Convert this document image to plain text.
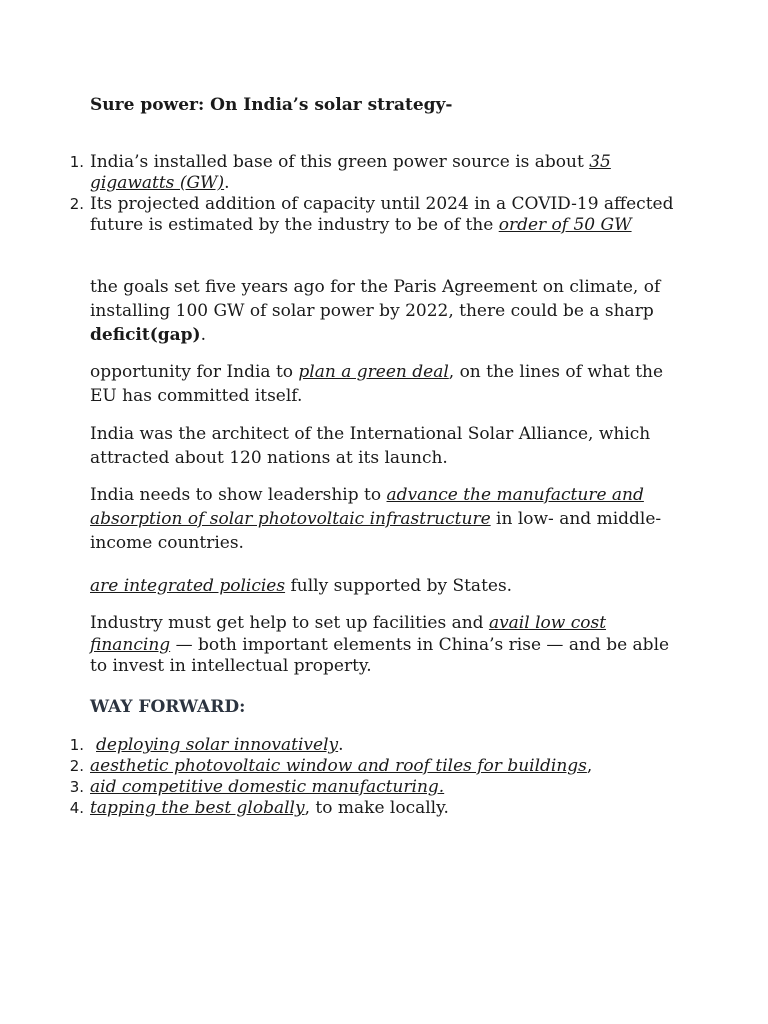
Sure power: On India’s solar strategy-
1. India’s installed base of this green power source is about 35 gigawatts (GW).
2. Its projected addition of capacity until 2024 in a COVID-19 affected future is estimated by the industry to be of the order of 50 GW

the goals set five years ago for the Paris Agreement on climate, of installing 100 GW of solar power by 2022, there could be a sharp deficit(gap).

opportunity for India to plan a green deal, on the lines of what the EU has committed itself.

India was the architect of the International Solar Alliance, which attracted about 120 nations at its launch.

India needs to show leadership to advance the manufacture and absorption of solar photovoltaic infrastructure in low- and middle-income countries.

are integrated policies fully supported by States.

Industry must get help to set up facilities and avail low cost financing — both important elements in China’s rise — and be able to invest in intellectual property.

WAY FORWARD:
1. deploying solar innovatively.
2. aesthetic photovoltaic window and roof tiles for buildings,
3. aid competitive domestic manufacturing.
4. tapping the best globally, to make locally.
